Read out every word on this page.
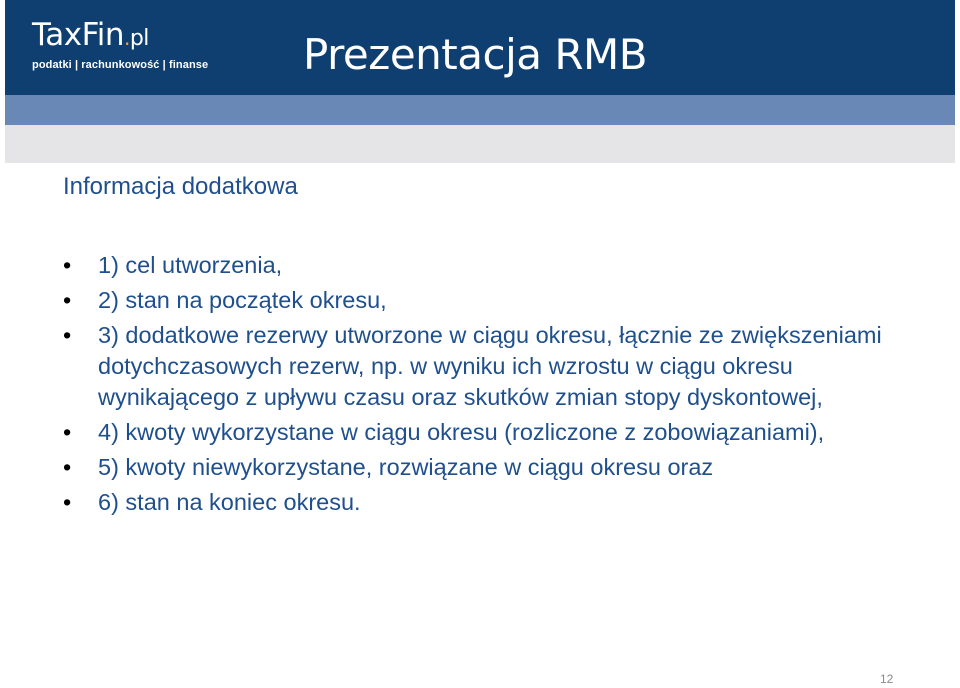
TaxFin.pl
podatki | rachunkowość | finanse Prezentacja RMB
Informacja dodatkowa
• 1) cel utworzenia,
• 2) stan na początek okresu,
• 3) dodatkowe rezerwy utworzone w ciągu okresu, łącznie ze zwiększeniami dotychczasowych rezerw, np. w wyniku ich wzrostu w ciągu okresu wynikającego z upływu czasu oraz skutków zmian stopy dyskontowej,
• 4) kwoty wykorzystane w ciągu okresu (rozliczone z zobowiązaniami),
• 5) kwoty niewykorzystane, rozwiązane w ciągu okresu oraz
• 6) stan na koniec okresu.
12
